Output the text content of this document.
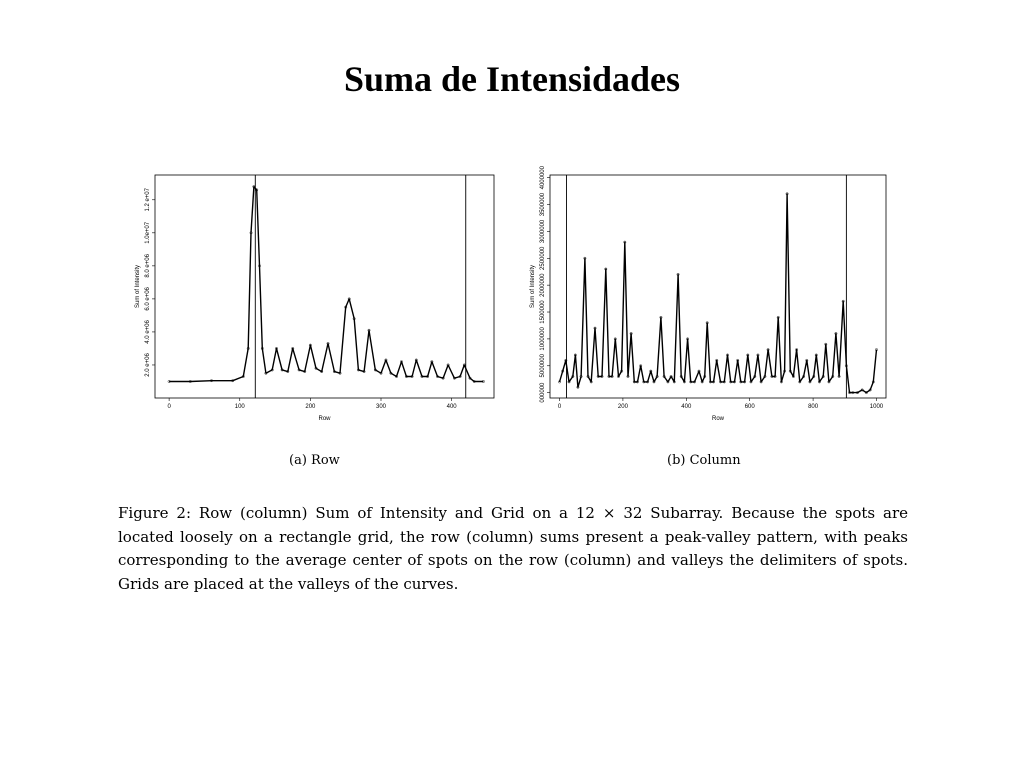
Suma de Intensidades
0	100	200	300	400
2.0 e+06
4.0 e+06
6.0 e+06
8.0 e+06
1.0e+07
1.2 e+07
Row
Sum of Intensity
0	200	400	600	800	1000
000000
5000000
1000000
1500000
2000000
2500000
3000000
3500000
4000000
Row
Sum of Intensity
(a) Row	(b) Column
Figure 2: Row (column) Sum of Intensity and Grid on a 12 × 32 Subarray. Because the spots are located loosely on a rectangle grid, the row (column) sums present a peak-valley pattern, with peaks corresponding to the average center of spots on the row (column) and valleys the delimiters of spots. Grids are placed at the valleys of the curves.
